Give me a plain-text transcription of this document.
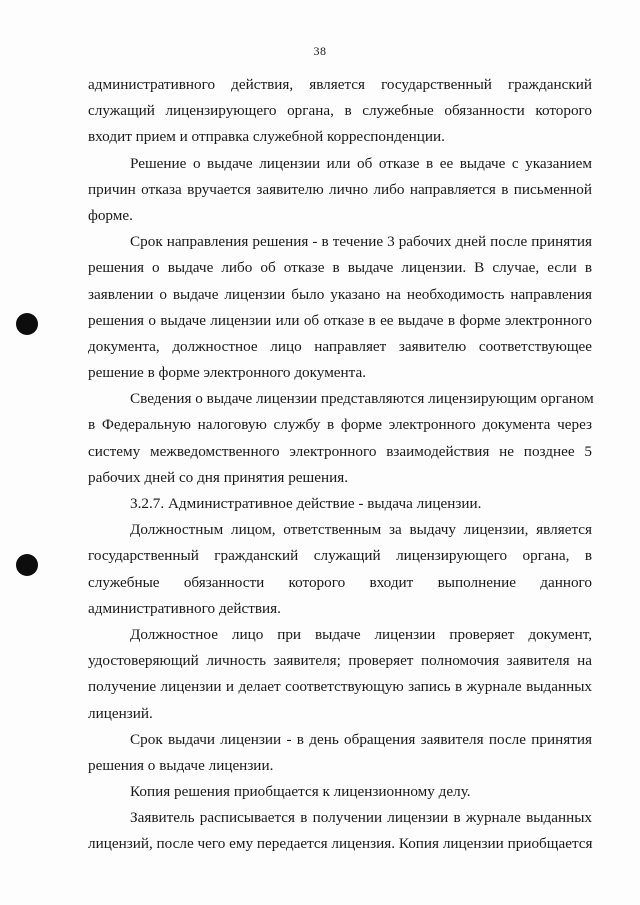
38
административного действия, является государственный гражданский
служащий лицензирующего органа, в служебные обязанности которого
входит прием и отправка служебной корреспонденции.
Решение о выдаче лицензии или об отказе в ее выдаче с указанием
причин отказа вручается заявителю лично либо направляется в письменной
форме.
Срок направления решения - в течение 3 рабочих дней после принятия
решения о выдаче либо об отказе в выдаче лицензии. В случае, если в
заявлении о выдаче лицензии было указано на необходимость направления
решения о выдаче лицензии или об отказе в ее выдаче в форме электронного
документа, должностное лицо направляет заявителю соответствующее
решение в форме электронного документа.
Сведения о выдаче лицензии представляются лицензирующим органом
в Федеральную налоговую службу в форме электронного документа через
систему межведомственного электронного взаимодействия не позднее 5
рабочих дней со дня принятия решения.
3.2.7. Административное действие - выдача лицензии.
Должностным лицом, ответственным за выдачу лицензии, является
государственный гражданский служащий лицензирующего органа, в
служебные обязанности которого входит выполнение данного
административного действия.
Должностное лицо при выдаче лицензии проверяет документ,
удостоверяющий личность заявителя; проверяет полномочия заявителя на
получение лицензии и делает соответствующую запись в журнале выданных
лицензий.
Срок выдачи лицензии - в день обращения заявителя после принятия
решения о выдаче лицензии.
Копия решения приобщается к лицензионному делу.
Заявитель расписывается в получении лицензии в журнале выданных
лицензий, после чего ему передается лицензия. Копия лицензии приобщается
